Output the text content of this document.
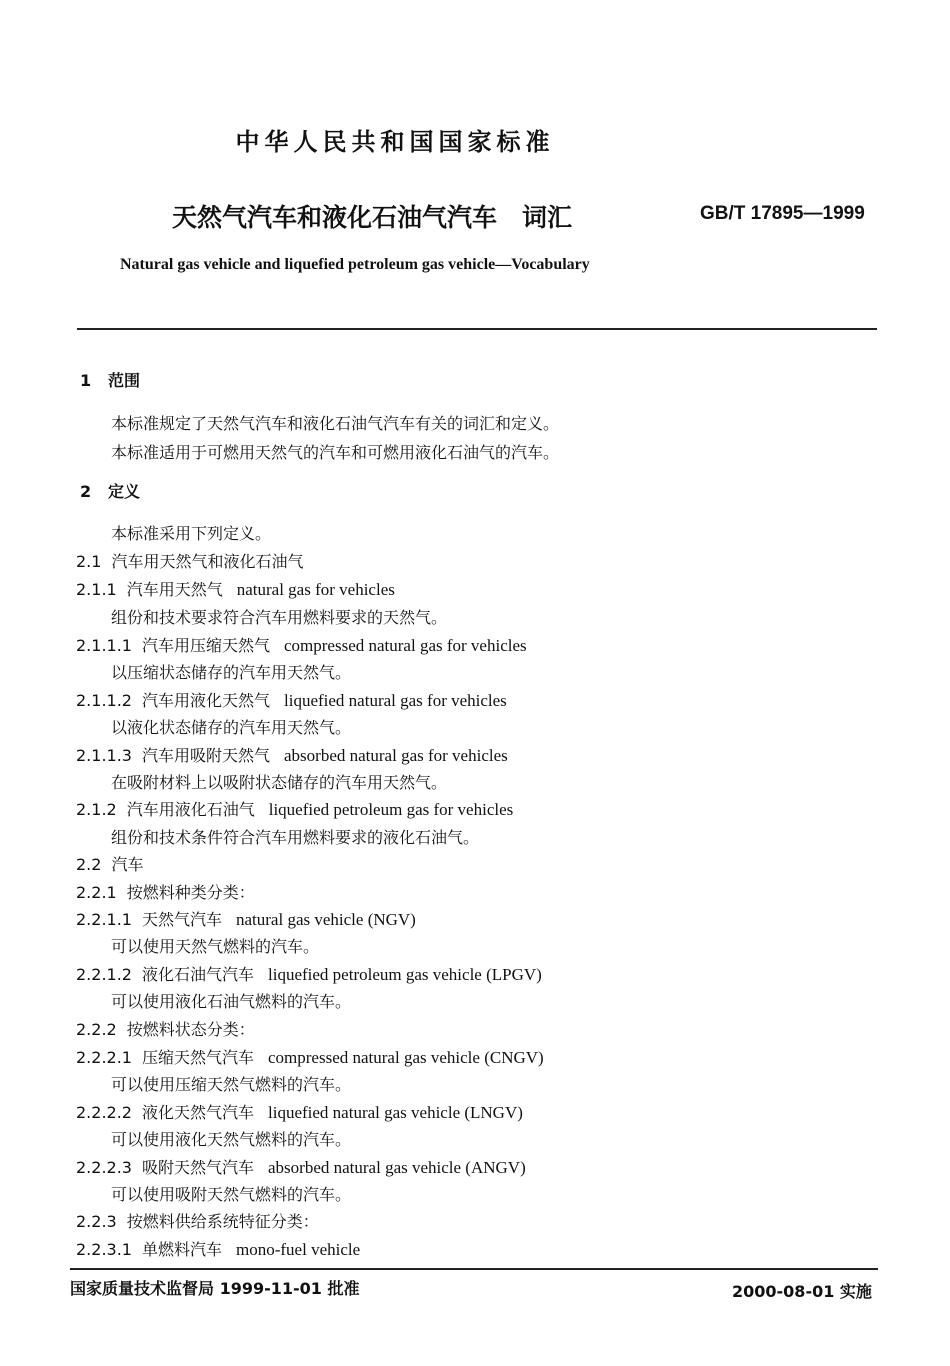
中华人民共和国国家标准
天然气汽车和液化石油气汽车　词汇	GB/T 17895—1999
Natural gas vehicle and liquefied petroleum gas vehicle—Vocabulary
1 范围
本标准规定了天然气汽车和液化石油气汽车有关的词汇和定义。
本标准适用于可燃用天然气的汽车和可燃用液化石油气的汽车。
2 定义
本标准采用下列定义。
2.1 汽车用天然气和液化石油气
2.1.1 汽车用天然气 natural gas for vehicles
组份和技术要求符合汽车用燃料要求的天然气。
2.1.1.1 汽车用压缩天然气 compressed natural gas for vehicles
以压缩状态储存的汽车用天然气。
2.1.1.2 汽车用液化天然气 liquefied natural gas for vehicles
以液化状态储存的汽车用天然气。
2.1.1.3 汽车用吸附天然气 absorbed natural gas for vehicles
在吸附材料上以吸附状态储存的汽车用天然气。
2.1.2 汽车用液化石油气 liquefied petroleum gas for vehicles
组份和技术条件符合汽车用燃料要求的液化石油气。
2.2 汽车
2.2.1 按燃料种类分类：
2.2.1.1 天然气汽车 natural gas vehicle (NGV)
可以使用天然气燃料的汽车。
2.2.1.2 液化石油气汽车 liquefied petroleum gas vehicle (LPGV)
可以使用液化石油气燃料的汽车。
2.2.2 按燃料状态分类：
2.2.2.1 压缩天然气汽车 compressed natural gas vehicle (CNGV)
可以使用压缩天然气燃料的汽车。
2.2.2.2 液化天然气汽车 liquefied natural gas vehicle (LNGV)
可以使用液化天然气燃料的汽车。
2.2.2.3 吸附天然气汽车 absorbed natural gas vehicle (ANGV)
可以使用吸附天然气燃料的汽车。
2.2.3 按燃料供给系统特征分类：
2.2.3.1 单燃料汽车 mono-fuel vehicle
国家质量技术监督局 1999-11-01 批准	2000-08-01 实施
